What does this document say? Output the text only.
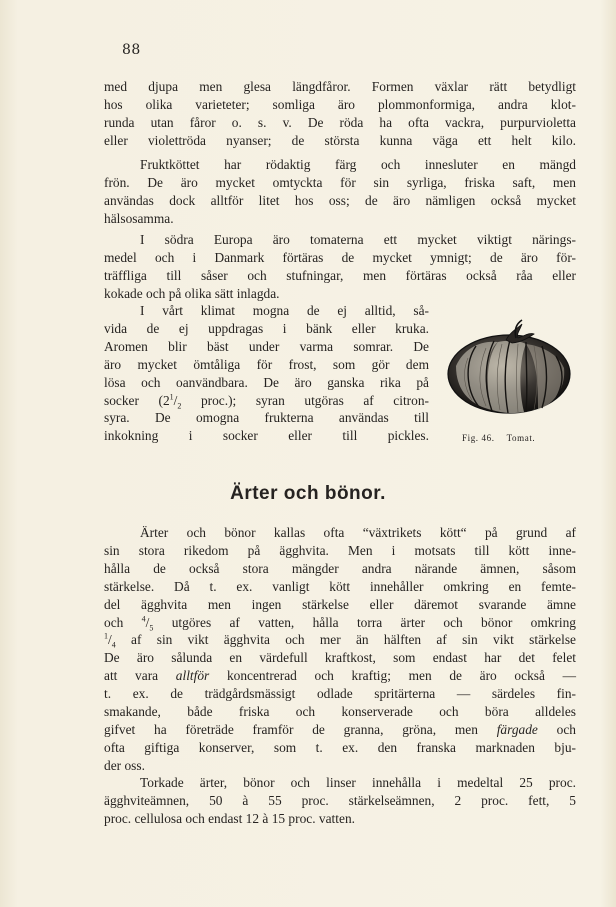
88
med djupa men glesa längdfåror. Formen växlar rätt betydligt
hos olika varieteter; somliga äro plommonformiga, andra klot-
runda utan fåror o. s. v. De röda ha ofta vackra, purpurvioletta
eller violettröda nyanser; de största kunna väga ett helt kilo.
Fruktköttet har rödaktig färg och innesluter en mängd
frön. De äro mycket omtyckta för sin syrliga, friska saft, men
användas dock alltför litet hos oss; de äro nämligen också mycket
hälsosamma.
I södra Europa äro tomaterna ett mycket viktigt närings-
medel och i Danmark förtäras de mycket ymnigt; de äro för-
träffliga till såser och stufningar, men förtäras också råa eller
kokade och på olika sätt inlagda.
I vårt klimat mogna de ej alltid, så-
vida de ej uppdragas i bänk eller kruka.
Aromen blir bäst under varma somrar. De
äro mycket ömtåliga för frost, som gör dem
lösa och oanvändbara. De äro ganska rika på
socker ($2^1/_2$ proc.); syran utgöras af citron-
syra. De omogna frukterna användas till
inkokning i socker eller till pickles.	Fig. 46. Tomat.
Ärter och bönor.
Ärter och bönor kallas ofta “växtrikets kött“ på grund af
sin stora rikedom på ägghvita. Men i motsats till kött inne-
hålla de också stora mängder andra närande ämnen, såsom
stärkelse. Då t. ex. vanligt kött innehåller omkring en femte-
del ägghvita men ingen stärkelse eller däremot svarande ämne
och $^4/_5$ utgöres af vatten, hålla torra ärter och bönor omkring
$^1/_4$ af sin vikt ägghvita och mer än hälften af sin vikt stärkelse
De äro sålunda en värdefull kraftkost, som endast har det felet
att vara alltför koncentrerad och kraftig; men de äro också —
t. ex. de trädgårdsmässigt odlade spritärterna — särdeles fin-
smakande, både friska och konserverade och böra alldeles
gifvet ha företräde framför de granna, gröna, men färgade och
ofta giftiga konserver, som t. ex. den franska marknaden bju-
der oss.
Torkade ärter, bönor och linser innehålla i medeltal 25 proc.
ägghviteämnen, 50 à 55 proc. stärkelseämnen, 2 proc. fett, 5
proc. cellulosa och endast 12 à 15 proc. vatten.
